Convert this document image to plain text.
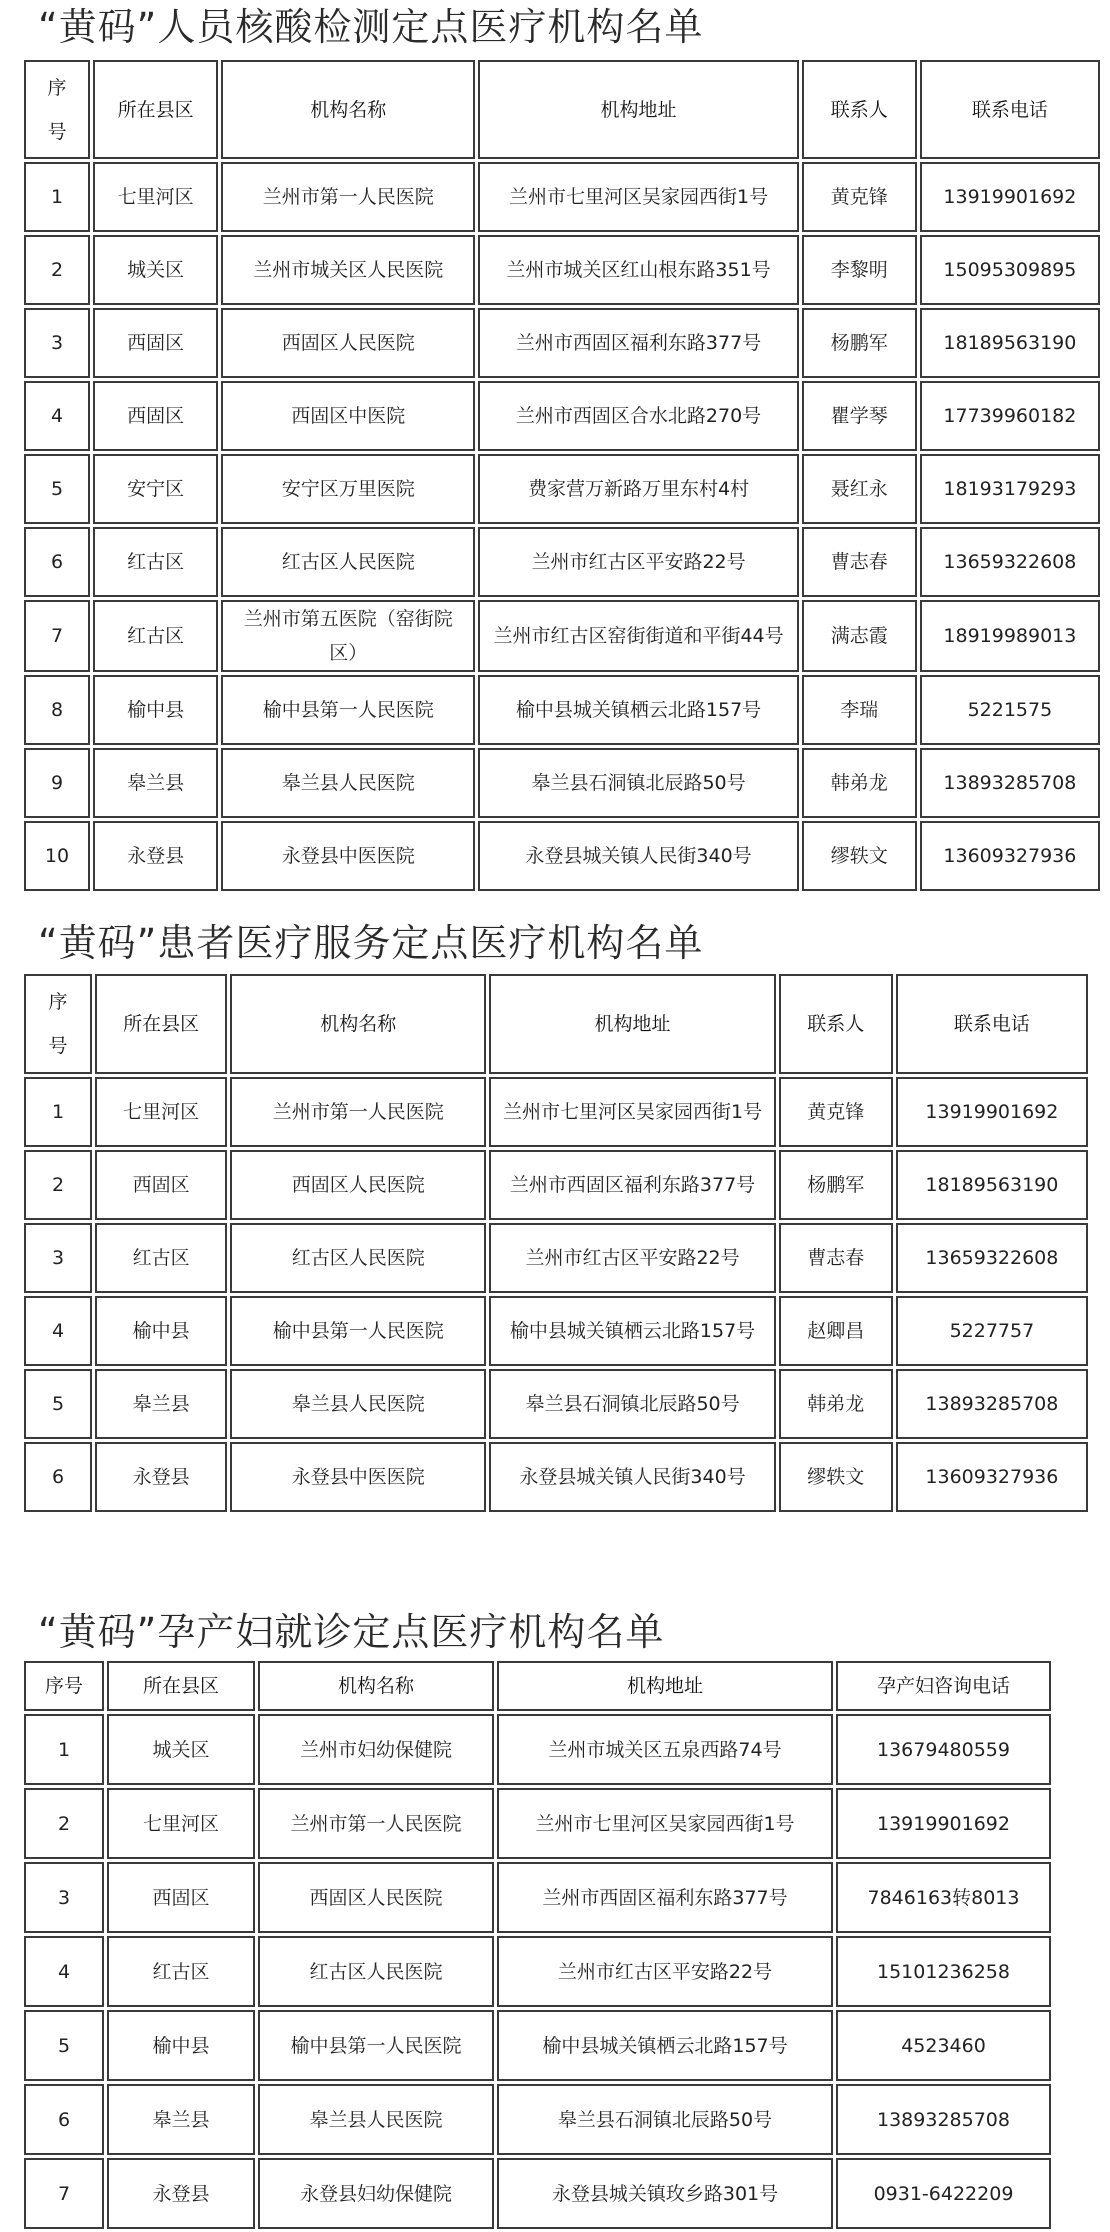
“黄码”人员核酸检测定点医疗机构名单
序号	所在县区	机构名称	机构地址	联系人	联系电话
1	七里河区	兰州市第一人民医院	兰州市七里河区吴家园西街1号	黄克锋	13919901692
2	城关区	兰州市城关区人民医院	兰州市城关区红山根东路351号	李黎明	15095309895
3	西固区	西固区人民医院	兰州市西固区福利东路377号	杨鹏军	18189563190
4	西固区	西固区中医院	兰州市西固区合水北路270号	瞿学琴	17739960182
5	安宁区	安宁区万里医院	费家营万新路万里东村4村	聂红永	18193179293
6	红古区	红古区人民医院	兰州市红古区平安路22号	曹志春	13659322608
7	红古区	兰州市第五医院（窑街院区）	兰州市红古区窑街街道和平街44号	满志霞	18919989013
8	榆中县	榆中县第一人民医院	榆中县城关镇栖云北路157号	李瑞	5221575
9	皋兰县	皋兰县人民医院	皋兰县石洞镇北辰路50号	韩弟龙	13893285708
10	永登县	永登县中医医院	永登县城关镇人民街340号	缪轶文	13609327936
“黄码”患者医疗服务定点医疗机构名单
序号	所在县区	机构名称	机构地址	联系人	联系电话
1	七里河区	兰州市第一人民医院	兰州市七里河区吴家园西街1号	黄克锋	13919901692
2	西固区	西固区人民医院	兰州市西固区福利东路377号	杨鹏军	18189563190
3	红古区	红古区人民医院	兰州市红古区平安路22号	曹志春	13659322608
4	榆中县	榆中县第一人民医院	榆中县城关镇栖云北路157号	赵卿昌	5227757
5	皋兰县	皋兰县人民医院	皋兰县石洞镇北辰路50号	韩弟龙	13893285708
6	永登县	永登县中医医院	永登县城关镇人民街340号	缪轶文	13609327936
“黄码”孕产妇就诊定点医疗机构名单
序号	所在县区	机构名称	机构地址	孕产妇咨询电话
1	城关区	兰州市妇幼保健院	兰州市城关区五泉西路74号	13679480559
2	七里河区	兰州市第一人民医院	兰州市七里河区吴家园西街1号	13919901692
3	西固区	西固区人民医院	兰州市西固区福利东路377号	7846163转8013
4	红古区	红古区人民医院	兰州市红古区平安路22号	15101236258
5	榆中县	榆中县第一人民医院	榆中县城关镇栖云北路157号	4523460
6	皋兰县	皋兰县人民医院	皋兰县石洞镇北辰路50号	13893285708
7	永登县	永登县妇幼保健院	永登县城关镇玫乡路301号	0931-6422209
